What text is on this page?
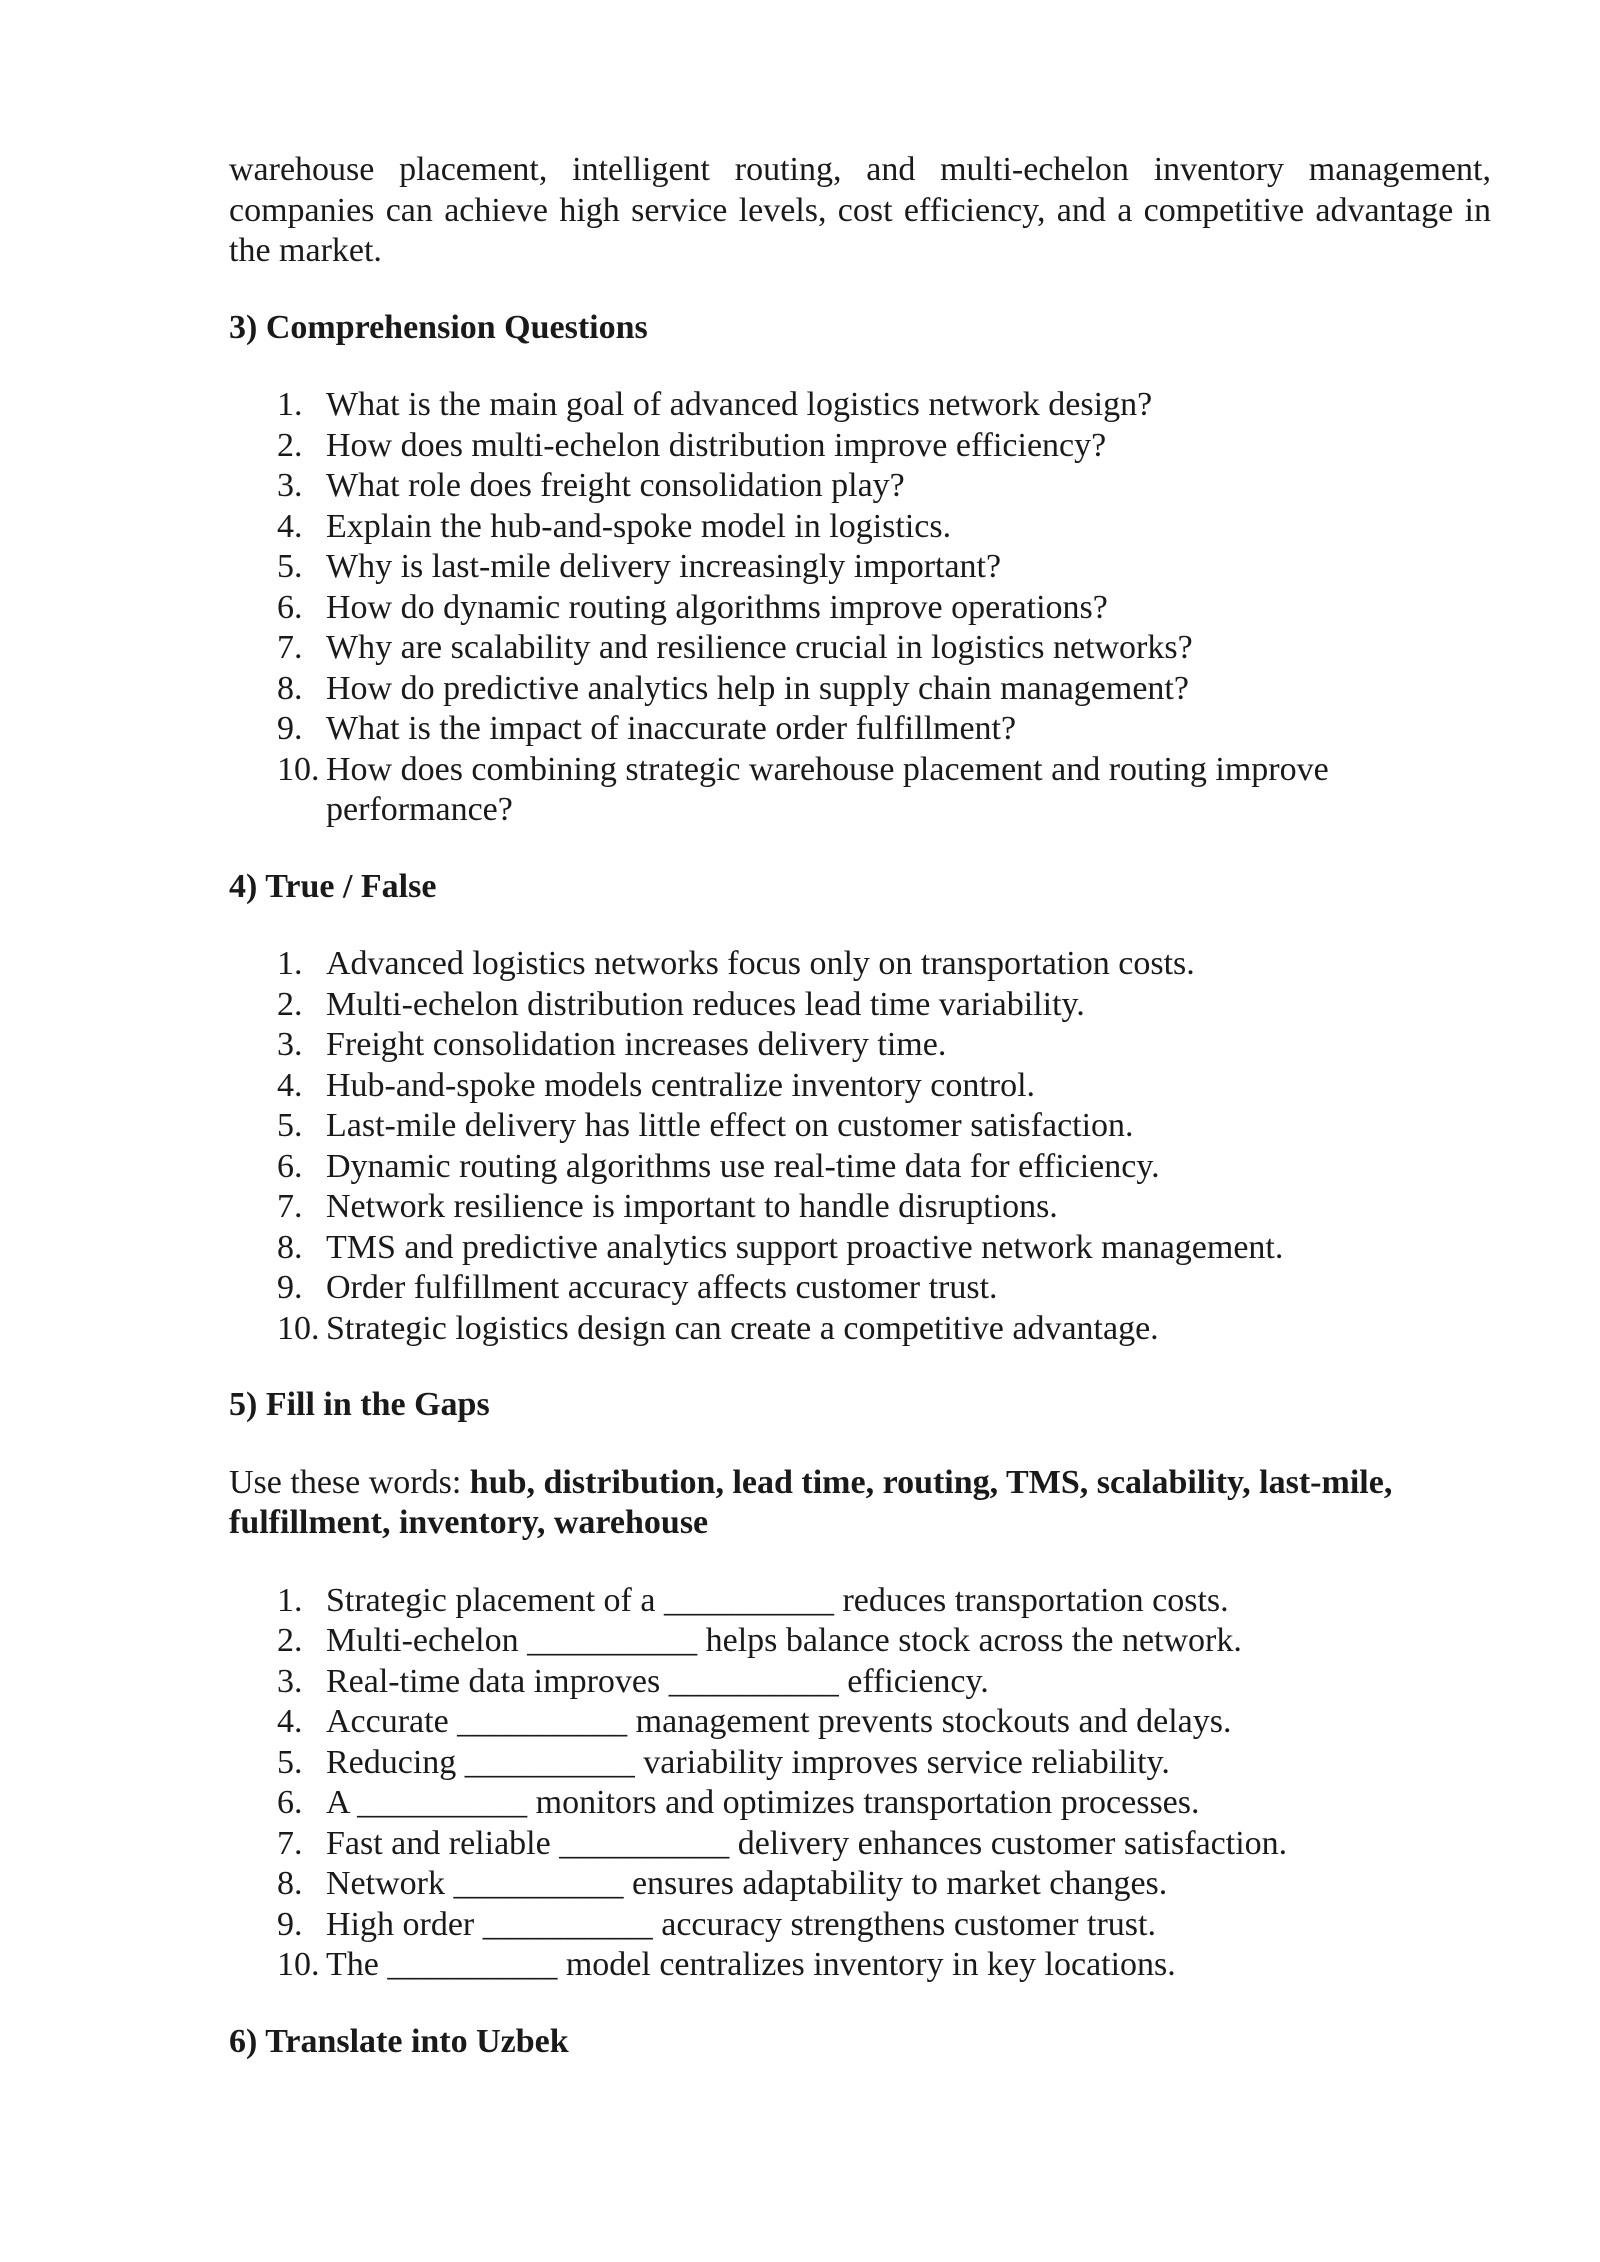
warehouse placement, intelligent routing, and multi-echelon inventory management, companies can achieve high service levels, cost efficiency, and a competitive advantage in the market.

3) Comprehension Questions
1. What is the main goal of advanced logistics network design?
2. How does multi-echelon distribution improve efficiency?
3. What role does freight consolidation play?
4. Explain the hub-and-spoke model in logistics.
5. Why is last-mile delivery increasingly important?
6. How do dynamic routing algorithms improve operations?
7. Why are scalability and resilience crucial in logistics networks?
8. How do predictive analytics help in supply chain management?
9. What is the impact of inaccurate order fulfillment?
10. How does combining strategic warehouse placement and routing improve performance?
4) True / False
1. Advanced logistics networks focus only on transportation costs.
2. Multi-echelon distribution reduces lead time variability.
3. Freight consolidation increases delivery time.
4. Hub-and-spoke models centralize inventory control.
5. Last-mile delivery has little effect on customer satisfaction.
6. Dynamic routing algorithms use real-time data for efficiency.
7. Network resilience is important to handle disruptions.
8. TMS and predictive analytics support proactive network management.
9. Order fulfillment accuracy affects customer trust.
10. Strategic logistics design can create a competitive advantage.
5) Fill in the Gaps

Use these words: hub, distribution, lead time, routing, TMS, scalability, last-mile, fulfillment, inventory, warehouse

1. Strategic placement of a __________ reduces transportation costs.
2. Multi-echelon __________ helps balance stock across the network.
3. Real-time data improves __________ efficiency.
4. Accurate __________ management prevents stockouts and delays.
5. Reducing __________ variability improves service reliability.
6. A __________ monitors and optimizes transportation processes.
7. Fast and reliable __________ delivery enhances customer satisfaction.
8. Network __________ ensures adaptability to market changes.
9. High order __________ accuracy strengthens customer trust.
10. The __________ model centralizes inventory in key locations.
6) Translate into Uzbek
